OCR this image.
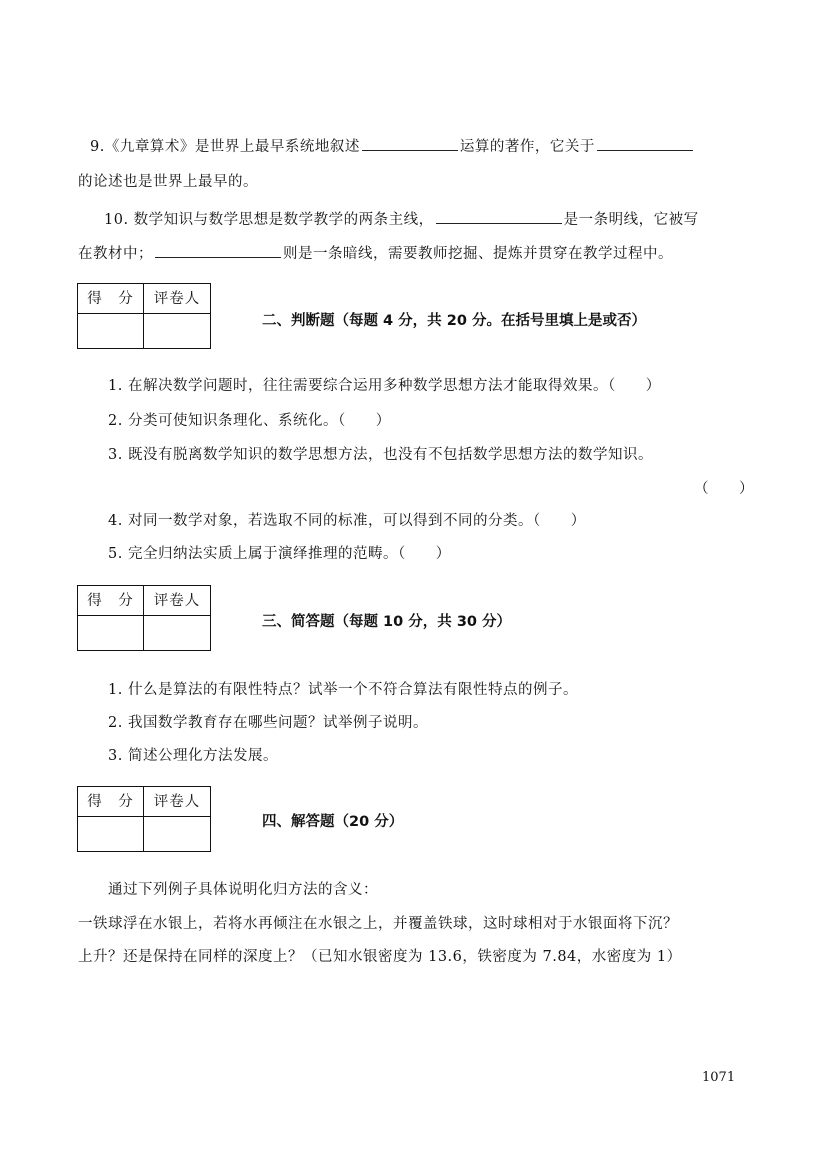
9.《九章算术》是世界上最早系统地叙述	运算的著作，它关于
的论述也是世界上最早的。
10. 数学知识与数学思想是数学教学的两条主线，	是一条明线，它被写
在教材中；	则是一条暗线，需要教师挖掘、提炼并贯穿在教学过程中。
得　分	评卷人
二、判断题（每题 4 分，共 20 分。在括号里填上是或否）
1. 在解决数学问题时，往往需要综合运用多种数学思想方法才能取得效果。（　　）
2. 分类可使知识条理化、系统化。（　　）
3. 既没有脱离数学知识的数学思想方法，也没有不包括数学思想方法的数学知识。
（　　）
4. 对同一数学对象，若选取不同的标准，可以得到不同的分类。（　　）
5. 完全归纳法实质上属于演绎推理的范畴。（　　）
得　分	评卷人
三、简答题（每题 10 分，共 30 分）
1. 什么是算法的有限性特点？试举一个不符合算法有限性特点的例子。
2. 我国数学教育存在哪些问题？试举例子说明。
3. 简述公理化方法发展。
得　分	评卷人
四、解答题（20 分）
通过下列例子具体说明化归方法的含义：
一铁球浮在水银上，若将水再倾注在水银之上，并覆盖铁球，这时球相对于水银面将下沉？
上升？还是保持在同样的深度上？（已知水银密度为 13.6，铁密度为 7.84，水密度为 1）
1071
